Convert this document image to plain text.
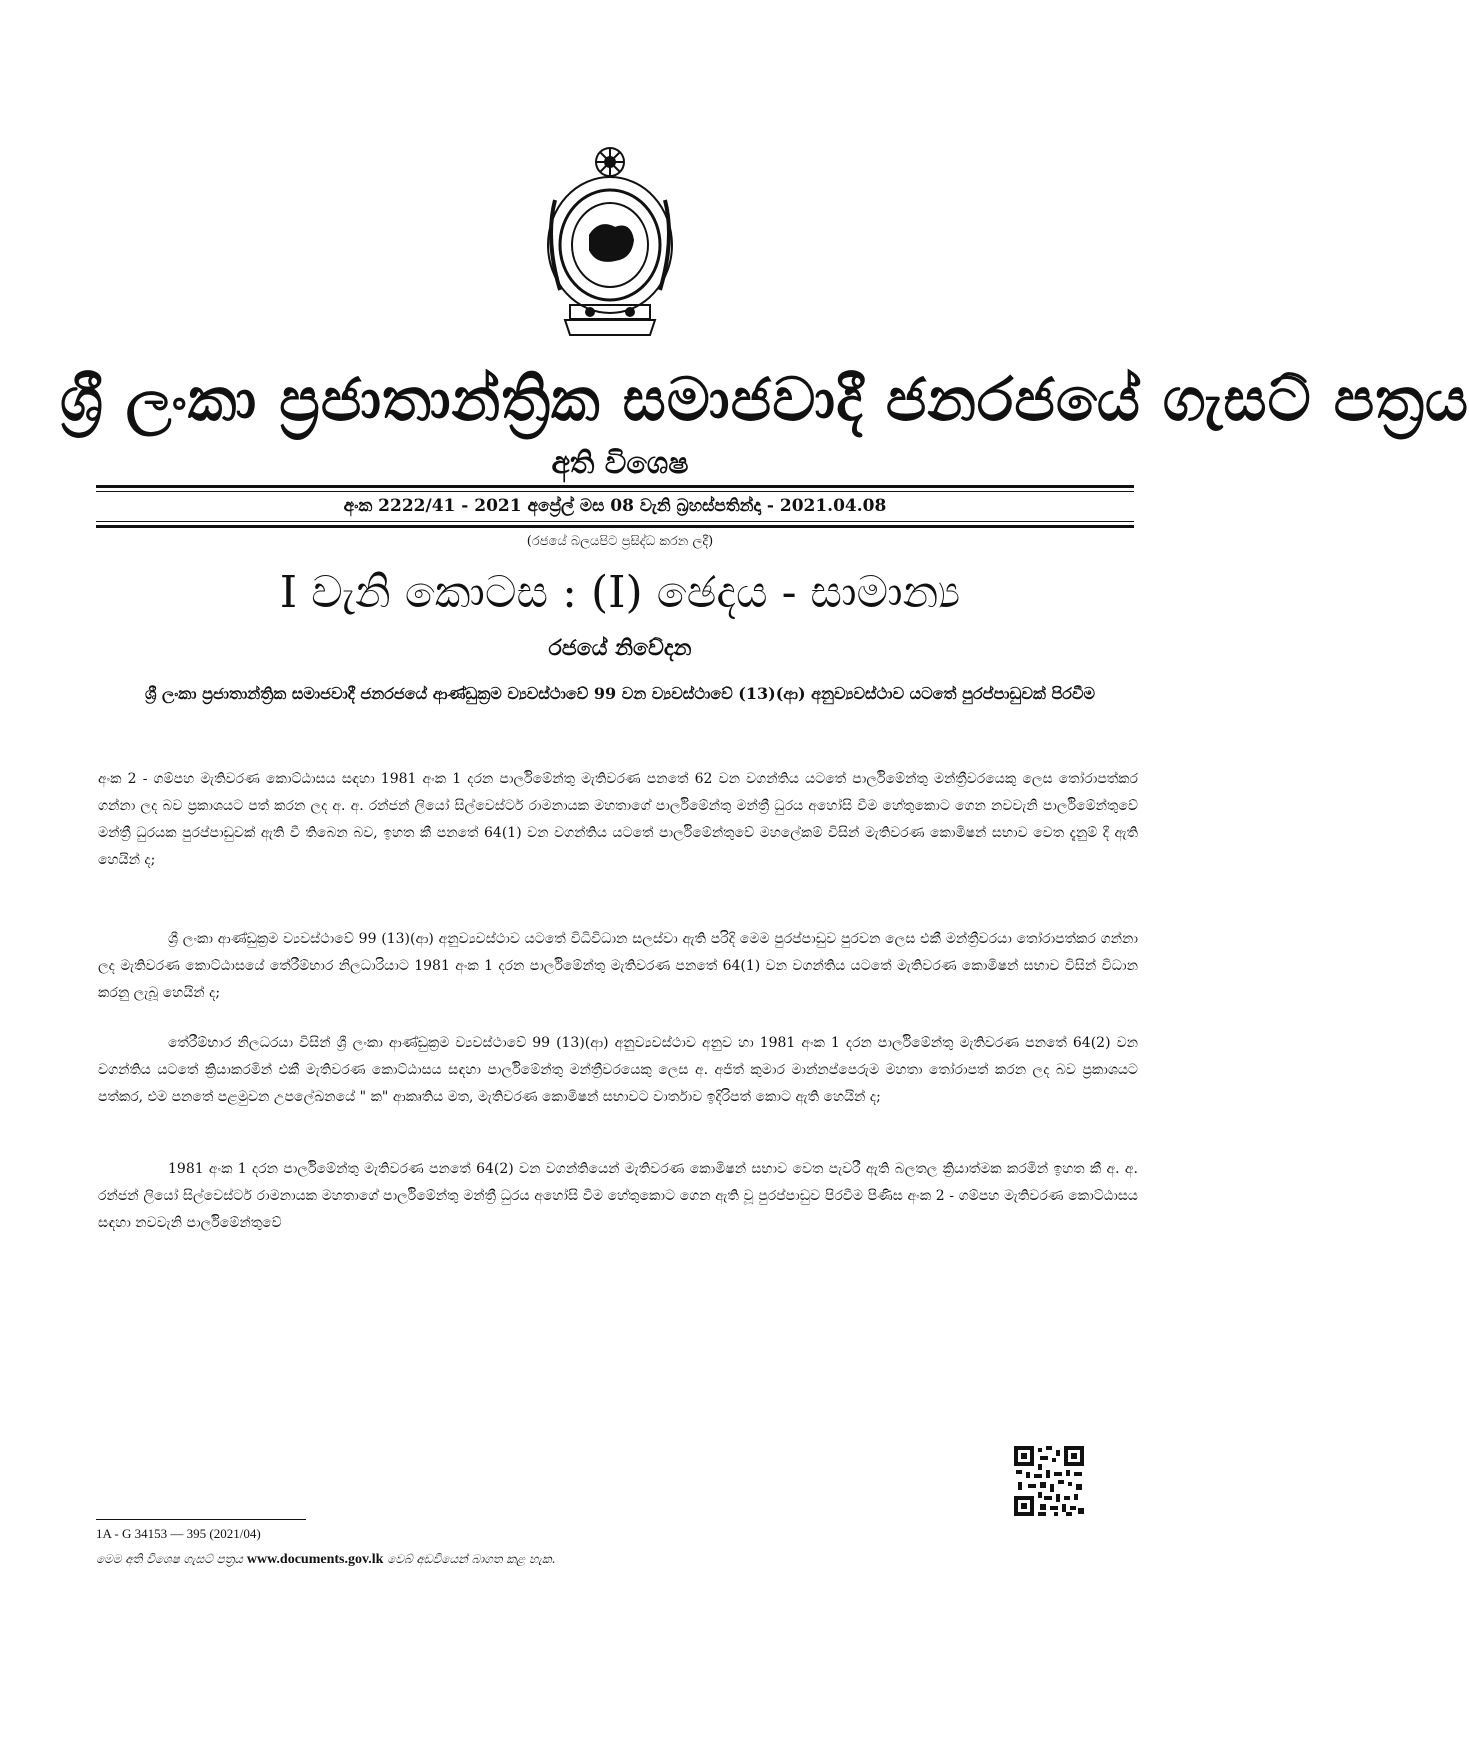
ශ්‍රී ලංකා ප්‍රජාතාන්ත්‍රික සමාජවාදී ජනරජයේ ගැසට් පත්‍රය
අති විශෙෂ
අංක 2222/41 - 2021 අප්‍රේල් මස 08 වැනි බ්‍රහස්පතින්දා - 2021.04.08
(රජයේ බලයපිට ප්‍රසිද්ධ කරන ලදී)
I වැනි කොටස : (I) ඡෙදය - සාමාන්‍ය
රජයේ නිවේදන
ශ්‍රී ලංකා ප්‍රජාතාන්ත්‍රික සමාජවාදී ජනරජයේ ආණ්ඩුක්‍රම ව්‍යවස්ථාවේ 99 වන ව්‍යවස්ථාවේ (13)(ආ) අනුව්‍යවස්ථාව යටතේ පුරප්පාඩුවක් පිරවීම

අංක 2 - ගම්පහ මැතිවරණ කොට්ඨාසය සඳහා 1981 අංක 1 දරන පාර්ලිමේන්තු මැතිවරණ පනතේ 62 වන වගන්තිය යටතේ පාර්ලිමේන්තු මන්ත්‍රීවරයෙකු ලෙස තෝරාපත්කර ගන්නා ලද බව ප්‍රකාශයට පත් කරන ලද අ. අ. රන්ජන් ලියෝ සිල්වෙස්ටර් රාමනායක මහතාගේ පාර්ලිමේන්තු මන්ත්‍රී ධුරය අහෝසි වීම හේතුකොට ගෙන නවවැනි පාර්ලිමේන්තුවේ මන්ත්‍රී ධුරයක පුරප්පාඩුවක් ඇති වී තිබෙන බව, ඉහත කී පනතේ 64(1) වන වගන්තිය යටතේ පාර්ලිමේන්තුවේ මහලේකම් විසින් මැතිවරණ කොමිෂන් සභාව වෙත දැනුම් දී ඇති හෙයින් ද;

ශ්‍රී ලංකා ආණ්ඩුක්‍රම ව්‍යවස්ථාවේ 99 (13)(ආ) අනුව්‍යවස්ථාව යටතේ විධිවිධාන සලස්වා ඇති පරිදි මෙම පුරප්පාඩුව පුරවන ලෙස එකී මන්ත්‍රීවරයා තෝරාපත්කර ගන්නා ලද මැතිවරණ කොට්ඨාසයේ තේරීම්භාර නිලධාරියාට 1981 අංක 1 දරන පාර්ලිමේන්තු මැතිවරණ පනතේ 64(1) වන වගන්තිය යටතේ මැතිවරණ කොමිෂන් සභාව විසින් විධාන කරනු ලැබූ හෙයින් ද;

තේරීම්භාර නිලධරයා විසින් ශ්‍රී ලංකා ආණ්ඩුක්‍රම ව්‍යවස්ථාවේ 99 (13)(ආ) අනුව්‍යවස්ථාව අනුව හා 1981 අංක 1 දරන පාර්ලිමේන්තු මැතිවරණ පනතේ 64(2) වන වගන්තිය යටතේ ක්‍රියාකරමින් එකී මැතිවරණ කොට්ඨාසය සඳහා පාර්ලිමේන්තු මන්ත්‍රීවරයෙකු ලෙස අ. අජිත් කුමාර මාන්නප්පෙරුම මහතා තෝරාපත් කරන ලද බව ප්‍රකාශයට පත්කර, එම පනතේ පළමුවන උපලේඛනයේ " ක" ආකෘතිය මත, මැතිවරණ කොමිෂන් සභාවට වාර්තාව ඉදිරිපත් කොට ඇති හෙයින් ද;

1981 අංක 1 දරන පාර්ලිමේන්තු මැතිවරණ පනතේ 64(2) වන වගන්තියෙන් මැතිවරණ කොමිෂන් සභාව වෙත පැවරී ඇති බලතල ක්‍රියාත්මක කරමින් ඉහත කී අ. අ. රන්ජන් ලියෝ සිල්වෙස්ටර් රාමනායක මහතාගේ පාර්ලිමේන්තු මන්ත්‍රී ධුරය අහෝසි වීම හේතුකොට ගෙන ඇති වූ පුරප්පාඩුව පිරවීම පිණිස අංක 2 - ගම්පහ මැතිවරණ කොට්ඨාසය සඳහා නවවැනි පාර්ලිමේන්තුවේ

1A - G 34153 — 395 (2021/04)
මෙම අති විශෙෂ ගැසට් පත්‍රය www.documents.gov.lk වෙබ් අඩවියෙන් බාගත කළ හැක.
